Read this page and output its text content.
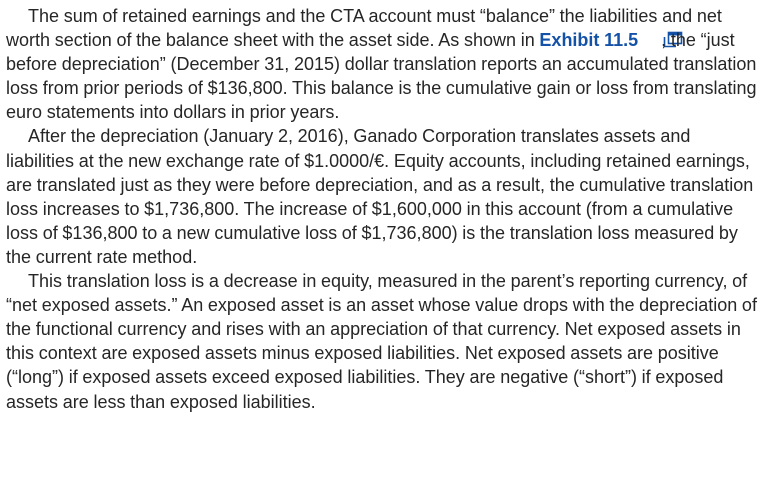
The sum of retained earnings and the CTA account must “balance” the liabilities and net worth section of the balance sheet with the asset side. As shown in Exhibit 11.5 , the “just before depreciation” (December 31, 2015) dollar translation reports an accumulated translation loss from prior periods of $136,800. This balance is the cumulative gain or loss from translating euro statements into dollars in prior years.

After the depreciation (January 2, 2016), Ganado Corporation translates assets and liabilities at the new exchange rate of $1.0000/€. Equity accounts, including retained earnings, are translated just as they were before depreciation, and as a result, the cumulative translation loss increases to $1,736,800. The increase of $1,600,000 in this account (from a cumulative loss of $136,800 to a new cumulative loss of $1,736,800) is the translation loss measured by the current rate method.

This translation loss is a decrease in equity, measured in the parent’s reporting currency, of “net exposed assets.” An exposed asset is an asset whose value drops with the depreciation of the functional currency and rises with an appreciation of that currency. Net exposed assets in this context are exposed assets minus exposed liabilities. Net exposed assets are positive (“long”) if exposed assets exceed exposed liabilities. They are negative (“short”) if exposed assets are less than exposed liabilities.
